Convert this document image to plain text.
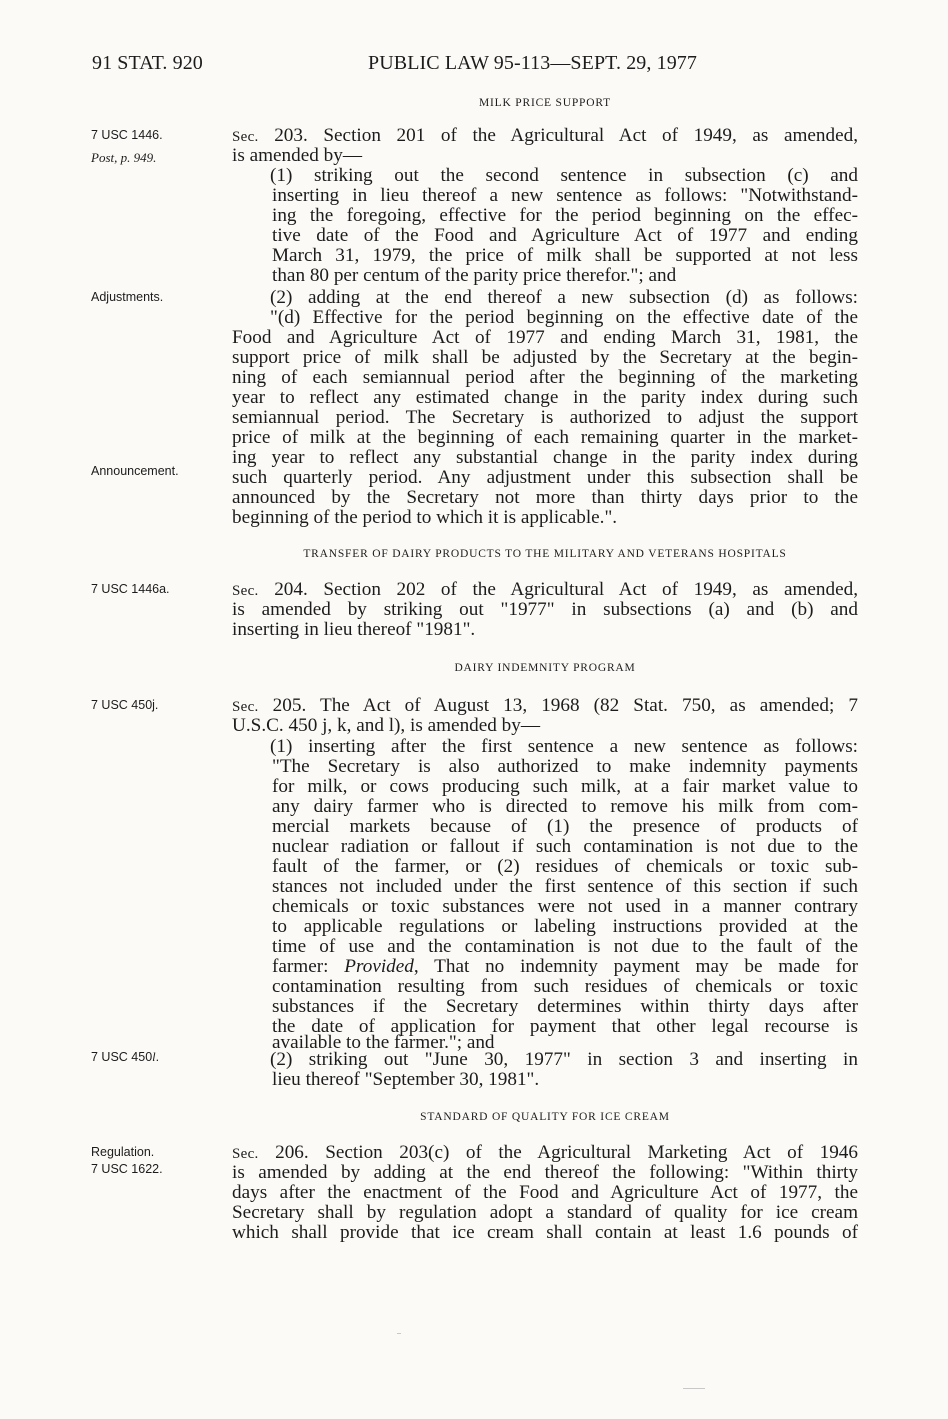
91 STAT. 920	PUBLIC LAW 95-113—SEPT. 29, 1977
MILK PRICE SUPPORT
7 USC 1446.
Post, p. 949.
Adjustments.
Announcement.
Sec. 203. Section 201 of the Agricultural Act of 1949, as amended,
is amended by—
(1) striking out the second sentence in subsection (c) and
inserting in lieu thereof a new sentence as follows: "Notwithstand-
ing the foregoing, effective for the period beginning on the effec-
tive date of the Food and Agriculture Act of 1977 and ending
March 31, 1979, the price of milk shall be supported at not less
than 80 per centum of the parity price therefor."; and
(2) adding at the end thereof a new subsection (d) as follows:
"(d) Effective for the period beginning on the effective date of the
Food and Agriculture Act of 1977 and ending March 31, 1981, the
support price of milk shall be adjusted by the Secretary at the begin-
ning of each semiannual period after the beginning of the marketing
year to reflect any estimated change in the parity index during such
semiannual period. The Secretary is authorized to adjust the support
price of milk at the beginning of each remaining quarter in the market-
ing year to reflect any substantial change in the parity index during
such quarterly period. Any adjustment under this subsection shall be
announced by the Secretary not more than thirty days prior to the
beginning of the period to which it is applicable.".
TRANSFER OF DAIRY PRODUCTS TO THE MILITARY AND VETERANS HOSPITALS
7 USC 1446a.	Sec. 204. Section 202 of the Agricultural Act of 1949, as amended,
is amended by striking out "1977" in subsections (a) and (b) and
inserting in lieu thereof "1981".
DAIRY INDEMNITY PROGRAM
7 USC 450j.
7 USC 450l.
Sec. 205. The Act of August 13, 1968 (82 Stat. 750, as amended; 7
U.S.C. 450 j, k, and l), is amended by—
(1) inserting after the first sentence a new sentence as follows:
"The Secretary is also authorized to make indemnity payments
for milk, or cows producing such milk, at a fair market value to
any dairy farmer who is directed to remove his milk from com-
mercial markets because of (1) the presence of products of
nuclear radiation or fallout if such contamination is not due to the
fault of the farmer, or (2) residues of chemicals or toxic sub-
stances not included under the first sentence of this section if such
chemicals or toxic substances were not used in a manner contrary
to applicable regulations or labeling instructions provided at the
time of use and the contamination is not due to the fault of the
farmer: Provided, That no indemnity payment may be made for
contamination resulting from such residues of chemicals or toxic
substances if the Secretary determines within thirty days after
the date of application for payment that other legal recourse is
available to the farmer."; and
(2) striking out "June 30, 1977" in section 3 and inserting in
lieu thereof "September 30, 1981".
STANDARD OF QUALITY FOR ICE CREAM
Regulation.
7 USC 1622.
Sec. 206. Section 203(c) of the Agricultural Marketing Act of 1946
is amended by adding at the end thereof the following: "Within thirty
days after the enactment of the Food and Agriculture Act of 1977, the
Secretary shall by regulation adopt a standard of quality for ice cream
which shall provide that ice cream shall contain at least 1.6 pounds of
